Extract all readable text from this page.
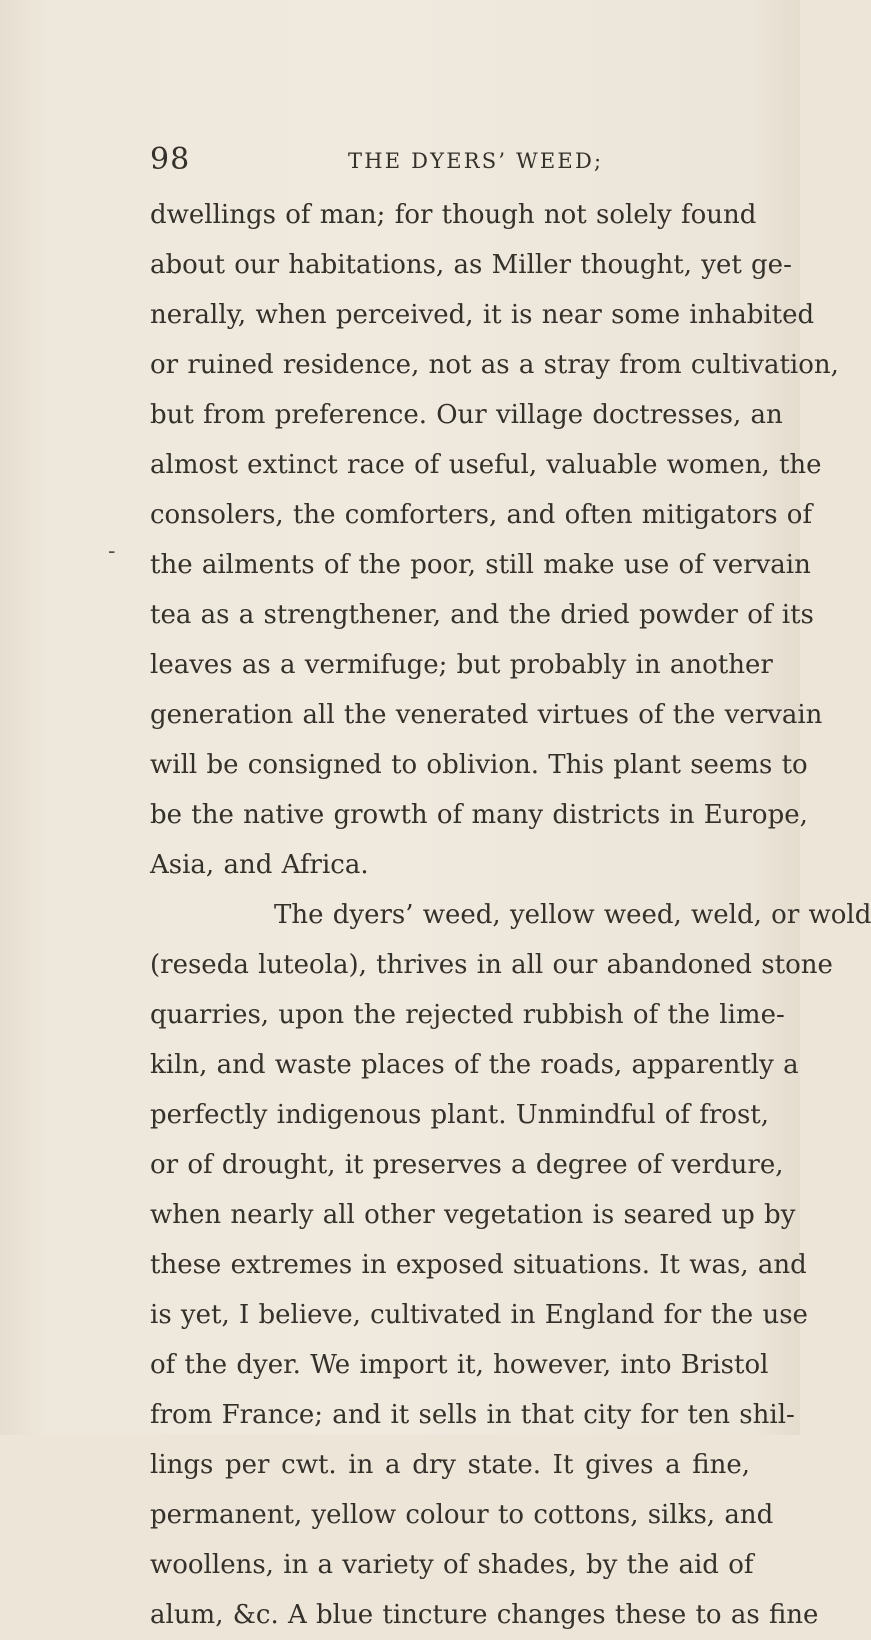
98	THE DYERS’ WEED;
-
dwellings of man; for though not solely found
about our habitations, as Miller thought, yet ge-
nerally, when perceived, it is near some inhabited
or ruined residence, not as a stray from cultivation,
but from preference. Our village doctresses, an
almost extinct race of useful, valuable women, the
consolers, the comforters, and often mitigators of
the ailments of the poor, still make use of vervain
tea as a strengthener, and the dried powder of its
leaves as a vermifuge; but probably in another
generation all the venerated virtues of the vervain
will be consigned to oblivion. This plant seems to
be the native growth of many districts in Europe,
Asia, and Africa.
The dyers’ weed, yellow weed, weld, or wold
(reseda luteola), thrives in all our abandoned stone
quarries, upon the rejected rubbish of the lime-
kiln, and waste places of the roads, apparently a
perfectly indigenous plant. Unmindful of frost,
or of drought, it preserves a degree of verdure,
when nearly all other vegetation is seared up by
these extremes in exposed situations. It was, and
is yet, I believe, cultivated in England for the use
of the dyer. We import it, however, into Bristol
from France; and it sells in that city for ten shil-
lings per cwt. in a dry state. It gives a fine,
permanent, yellow colour to cottons, silks, and
woollens, in a variety of shades, by the aid of
alum, &c. A blue tincture changes these to as fine
